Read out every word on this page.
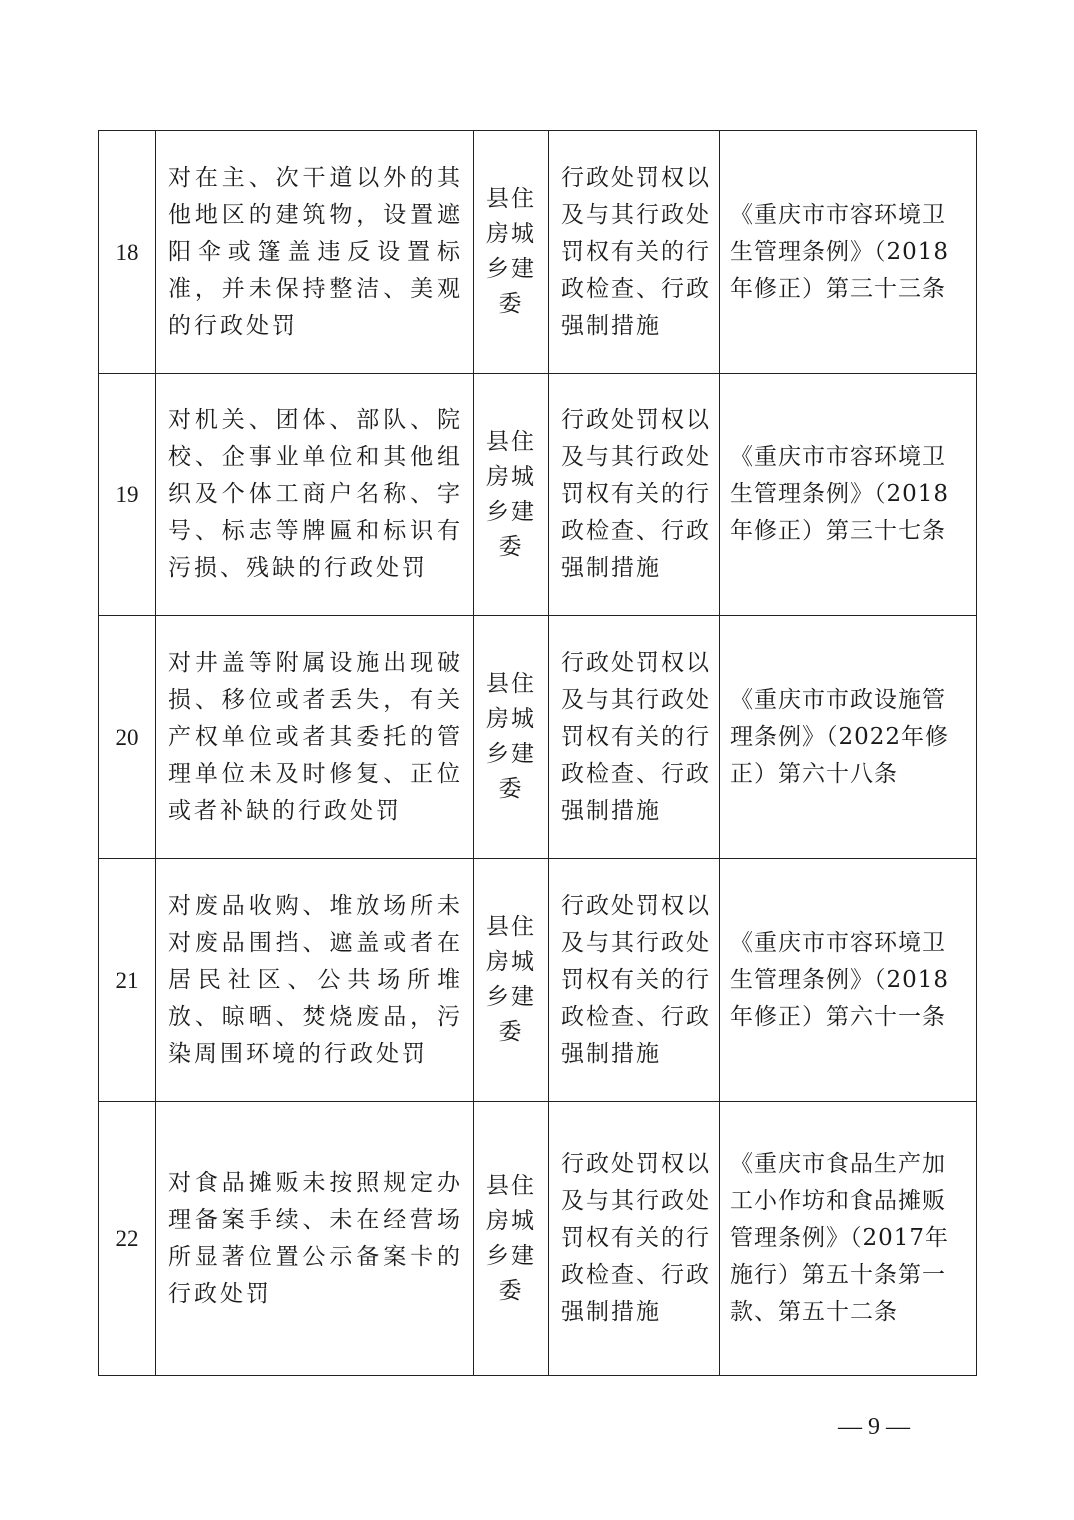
18	对在主、次干道以外的其他地区的建筑物，设置遮阳伞或篷盖违反设置标准，并未保持整洁、美观的行政处罚	县住房城乡建委	行政处罚权以及与其行政处罚权有关的行政检查、行政强制措施	《重庆市市容环境卫生管理条例》（2018年修正）第三十三条
19	对机关、团体、部队、院校、企事业单位和其他组织及个体工商户名称、字号、标志等牌匾和标识有污损、残缺的行政处罚	县住房城乡建委	行政处罚权以及与其行政处罚权有关的行政检查、行政强制措施	《重庆市市容环境卫生管理条例》（2018年修正）第三十七条
20	对井盖等附属设施出现破损、移位或者丢失，有关产权单位或者其委托的管理单位未及时修复、正位或者补缺的行政处罚	县住房城乡建委	行政处罚权以及与其行政处罚权有关的行政检查、行政强制措施	《重庆市市政设施管理条例》（2022年修正）第六十八条
21	对废品收购、堆放场所未对废品围挡、遮盖或者在居民社区、公共场所堆放、晾晒、焚烧废品，污染周围环境的行政处罚	县住房城乡建委	行政处罚权以及与其行政处罚权有关的行政检查、行政强制措施	《重庆市市容环境卫生管理条例》（2018年修正）第六十一条
22	对食品摊贩未按照规定办理备案手续、未在经营场所显著位置公示备案卡的行政处罚	县住房城乡建委	行政处罚权以及与其行政处罚权有关的行政检查、行政强制措施	《重庆市食品生产加工小作坊和食品摊贩管理条例》（2017年施行）第五十条第一款、第五十二条
— 9 —
